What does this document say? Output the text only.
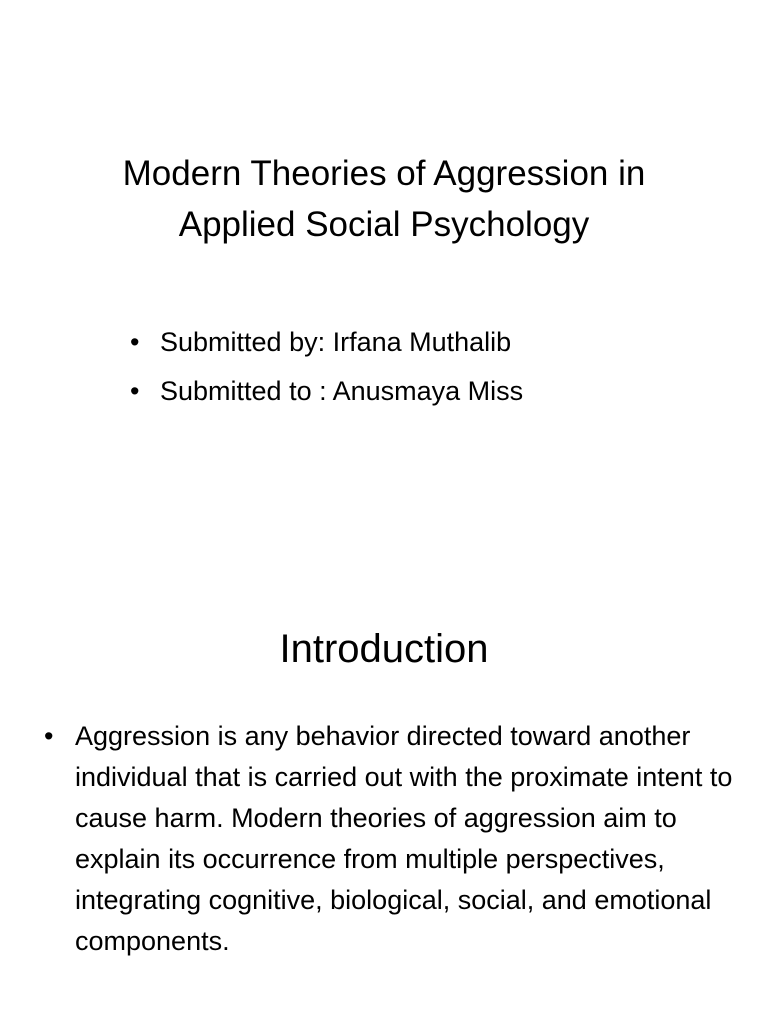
Modern Theories of Aggression in
Applied Social Psychology
• Submitted by: Irfana Muthalib
• Submitted to : Anusmaya Miss
Introduction
• Aggression is any behavior directed toward another individual that is carried out with the proximate intent to cause harm. Modern theories of aggression aim to explain its occurrence from multiple perspectives, integrating cognitive, biological, social, and emotional components.
